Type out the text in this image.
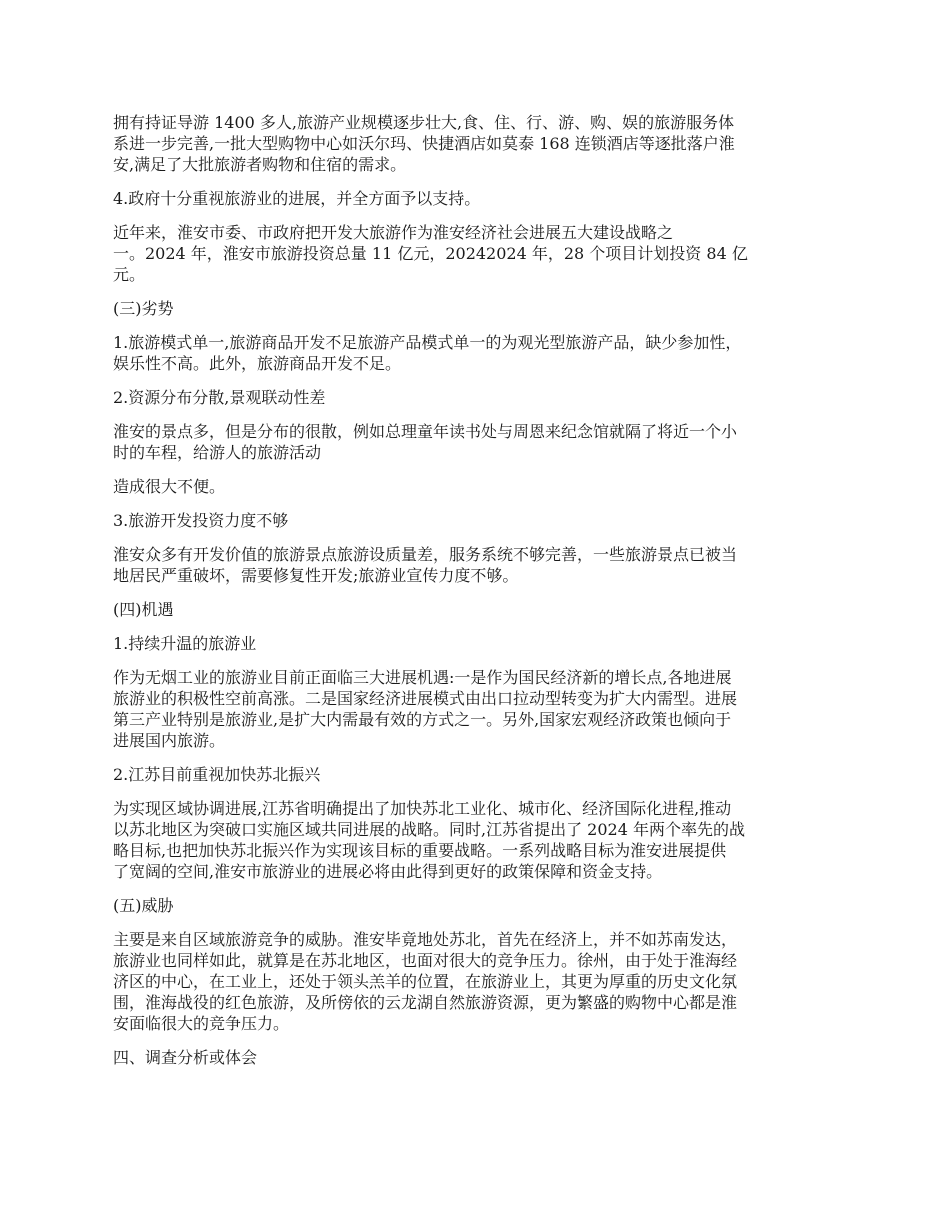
拥有持证导游 1400 多人,旅游产业规模逐步壮大,食、住、行、游、购、娱的旅游服务体
系进一步完善,一批大型购物中心如沃尔玛、快捷酒店如莫泰 168 连锁酒店等逐批落户淮
安,满足了大批旅游者购物和住宿的需求。
4.政府十分重视旅游业的进展，并全方面予以支持。
近年来，淮安市委、市政府把开发大旅游作为淮安经济社会进展五大建设战略之
一。2024 年，淮安市旅游投资总量 11 亿元，20242024 年，28 个项目计划投资 84 亿
元。
(三)劣势
1.旅游模式单一,旅游商品开发不足旅游产品模式单一的为观光型旅游产品，缺少参加性，
娱乐性不高。此外，旅游商品开发不足。
2.资源分布分散,景观联动性差
淮安的景点多，但是分布的很散，例如总理童年读书处与周恩来纪念馆就隔了将近一个小
时的车程，给游人的旅游活动
造成很大不便。
3.旅游开发投资力度不够
淮安众多有开发价值的旅游景点旅游设质量差，服务系统不够完善，一些旅游景点已被当
地居民严重破坏，需要修复性开发;旅游业宣传力度不够。
(四)机遇
1.持续升温的旅游业
作为无烟工业的旅游业目前正面临三大进展机遇:一是作为国民经济新的增长点,各地进展
旅游业的积极性空前高涨。二是国家经济进展模式由出口拉动型转变为扩大内需型。进展
第三产业特别是旅游业,是扩大内需最有效的方式之一。另外,国家宏观经济政策也倾向于
进展国内旅游。
2.江苏目前重视加快苏北振兴
为实现区域协调进展,江苏省明确提出了加快苏北工业化、城市化、经济国际化进程,推动
以苏北地区为突破口实施区域共同进展的战略。同时,江苏省提出了 2024 年两个率先的战
略目标,也把加快苏北振兴作为实现该目标的重要战略。一系列战略目标为淮安进展提供
了宽阔的空间,淮安市旅游业的进展必将由此得到更好的政策保障和资金支持。
(五)威胁
主要是来自区域旅游竞争的威胁。淮安毕竟地处苏北，首先在经济上，并不如苏南发达，
旅游业也同样如此，就算是在苏北地区，也面对很大的竞争压力。徐州，由于处于淮海经
济区的中心，在工业上，还处于领头羔羊的位置，在旅游业上，其更为厚重的历史文化氛
围，淮海战役的红色旅游，及所傍依的云龙湖自然旅游资源，更为繁盛的购物中心都是淮
安面临很大的竞争压力。
四、调查分析或体会
